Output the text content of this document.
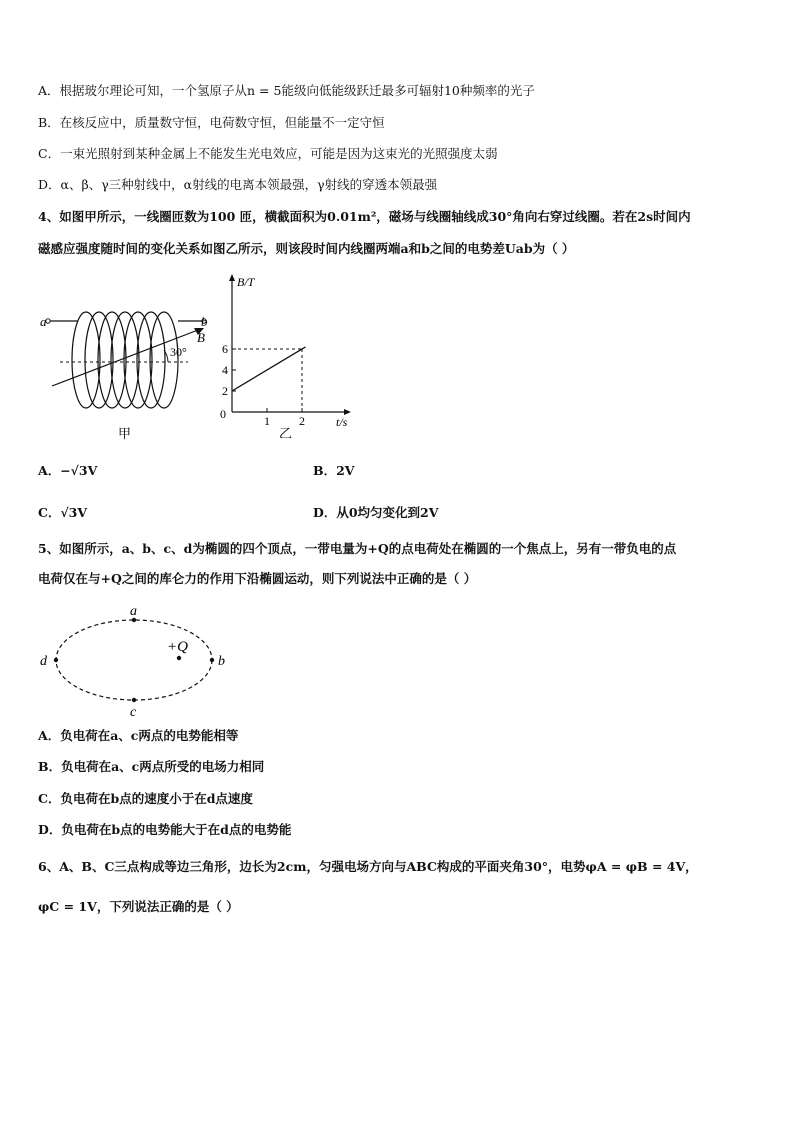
A．根据玻尔理论可知，一个氢原子从n = 5能级向低能级跃迁最多可辐射10种频率的光子
B．在核反应中，质量数守恒，电荷数守恒，但能量不一定守恒
C．一束光照射到某种金属上不能发生光电效应，可能是因为这束光的光照强度太弱
D．α、β、γ三种射线中，α射线的电离本领最强，γ射线的穿透本领最强
4、如图甲所示，一线圈匝数为100 匝，横截面积为0.01m²，磁场与线圈轴线成30°角向右穿过线圈。若在2s时间内
磁感应强度随时间的变化关系如图乙所示，则该段时间内线圈两端a和b之间的电势差Uab为（ ）
a	b
B
30°
甲
B/T
t/s
0	1 2
2
4
6
乙
A．−√3V	B．2V
C．√3V	D．从0均匀变化到2V
5、如图所示，a、b、c、d为椭圆的四个顶点，一带电量为+Q的点电荷处在椭圆的一个焦点上，另有一带负电的点
电荷仅在与+Q之间的库仑力的作用下沿椭圆运动，则下列说法中正确的是（ ）
a
b
c
d
+Q
A．负电荷在a、c两点的电势能相等
B．负电荷在a、c两点所受的电场力相同
C．负电荷在b点的速度小于在d点速度
D．负电荷在b点的电势能大于在d点的电势能
6、A、B、C三点构成等边三角形，边长为2cm，匀强电场方向与ABC构成的平面夹角30°，电势φA = φB = 4V，
φC = 1V，下列说法正确的是（ ）
